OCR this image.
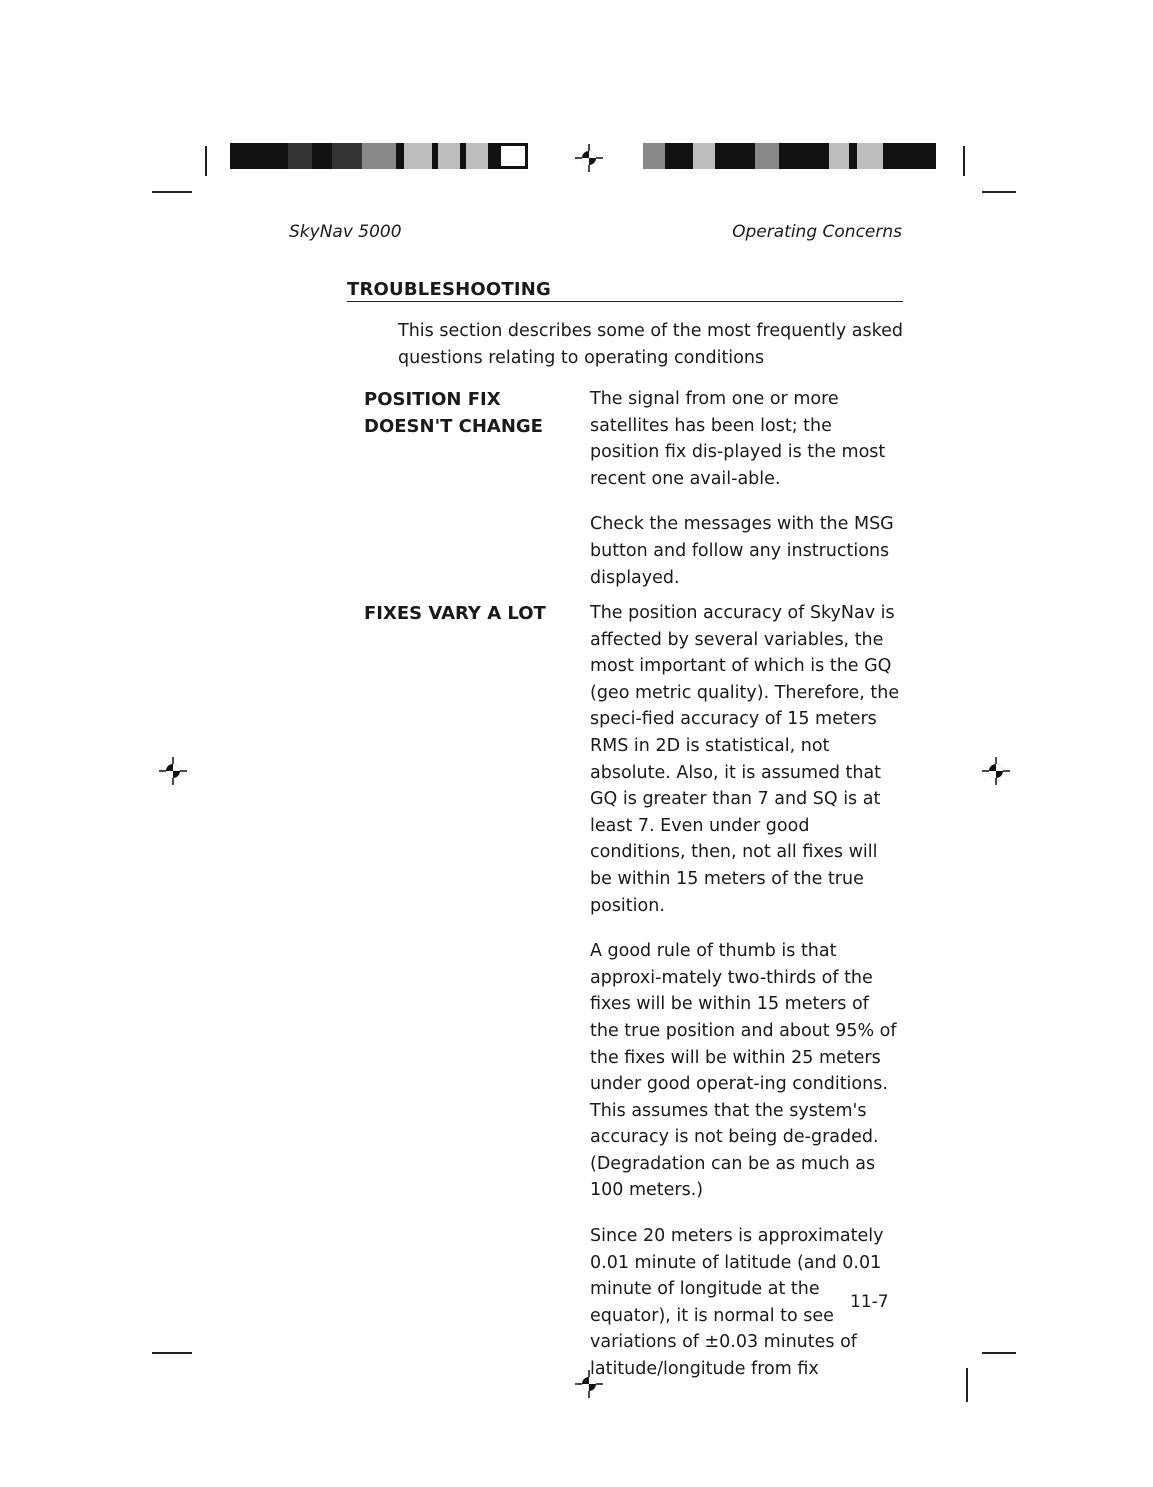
SkyNav 5000	Operating Concerns
TROUBLESHOOTING
This section describes some of the most frequently asked questions relating to operating conditions
POSITION FIX
DOESN'T CHANGE

The signal from one or more satellites has been lost; the position fix dis-played is the most recent one avail-able.

Check the messages with the MSG button and follow any instructions displayed.

FIXES VARY A LOT	The position accuracy of SkyNav is affected by several variables, the most important of which is the GQ (geo metric quality). Therefore, the speci-fied accuracy of 15 meters RMS in 2D is statistical, not absolute. Also, it is assumed that GQ is greater than 7 and SQ is at least 7. Even under good conditions, then, not all fixes will be within 15 meters of the true position.

A good rule of thumb is that approxi-mately two-thirds of the fixes will be within 15 meters of the true position and about 95% of the fixes will be within 25 meters under good operat-ing conditions. This assumes that the system's accuracy is not being de-graded. (Degradation can be as much as 100 meters.)

Since 20 meters is approximately 0.01 minute of latitude (and 0.01 minute of longitude at the equator), it is normal to see variations of ±0.03 minutes of latitude/longitude from fix

11-7
